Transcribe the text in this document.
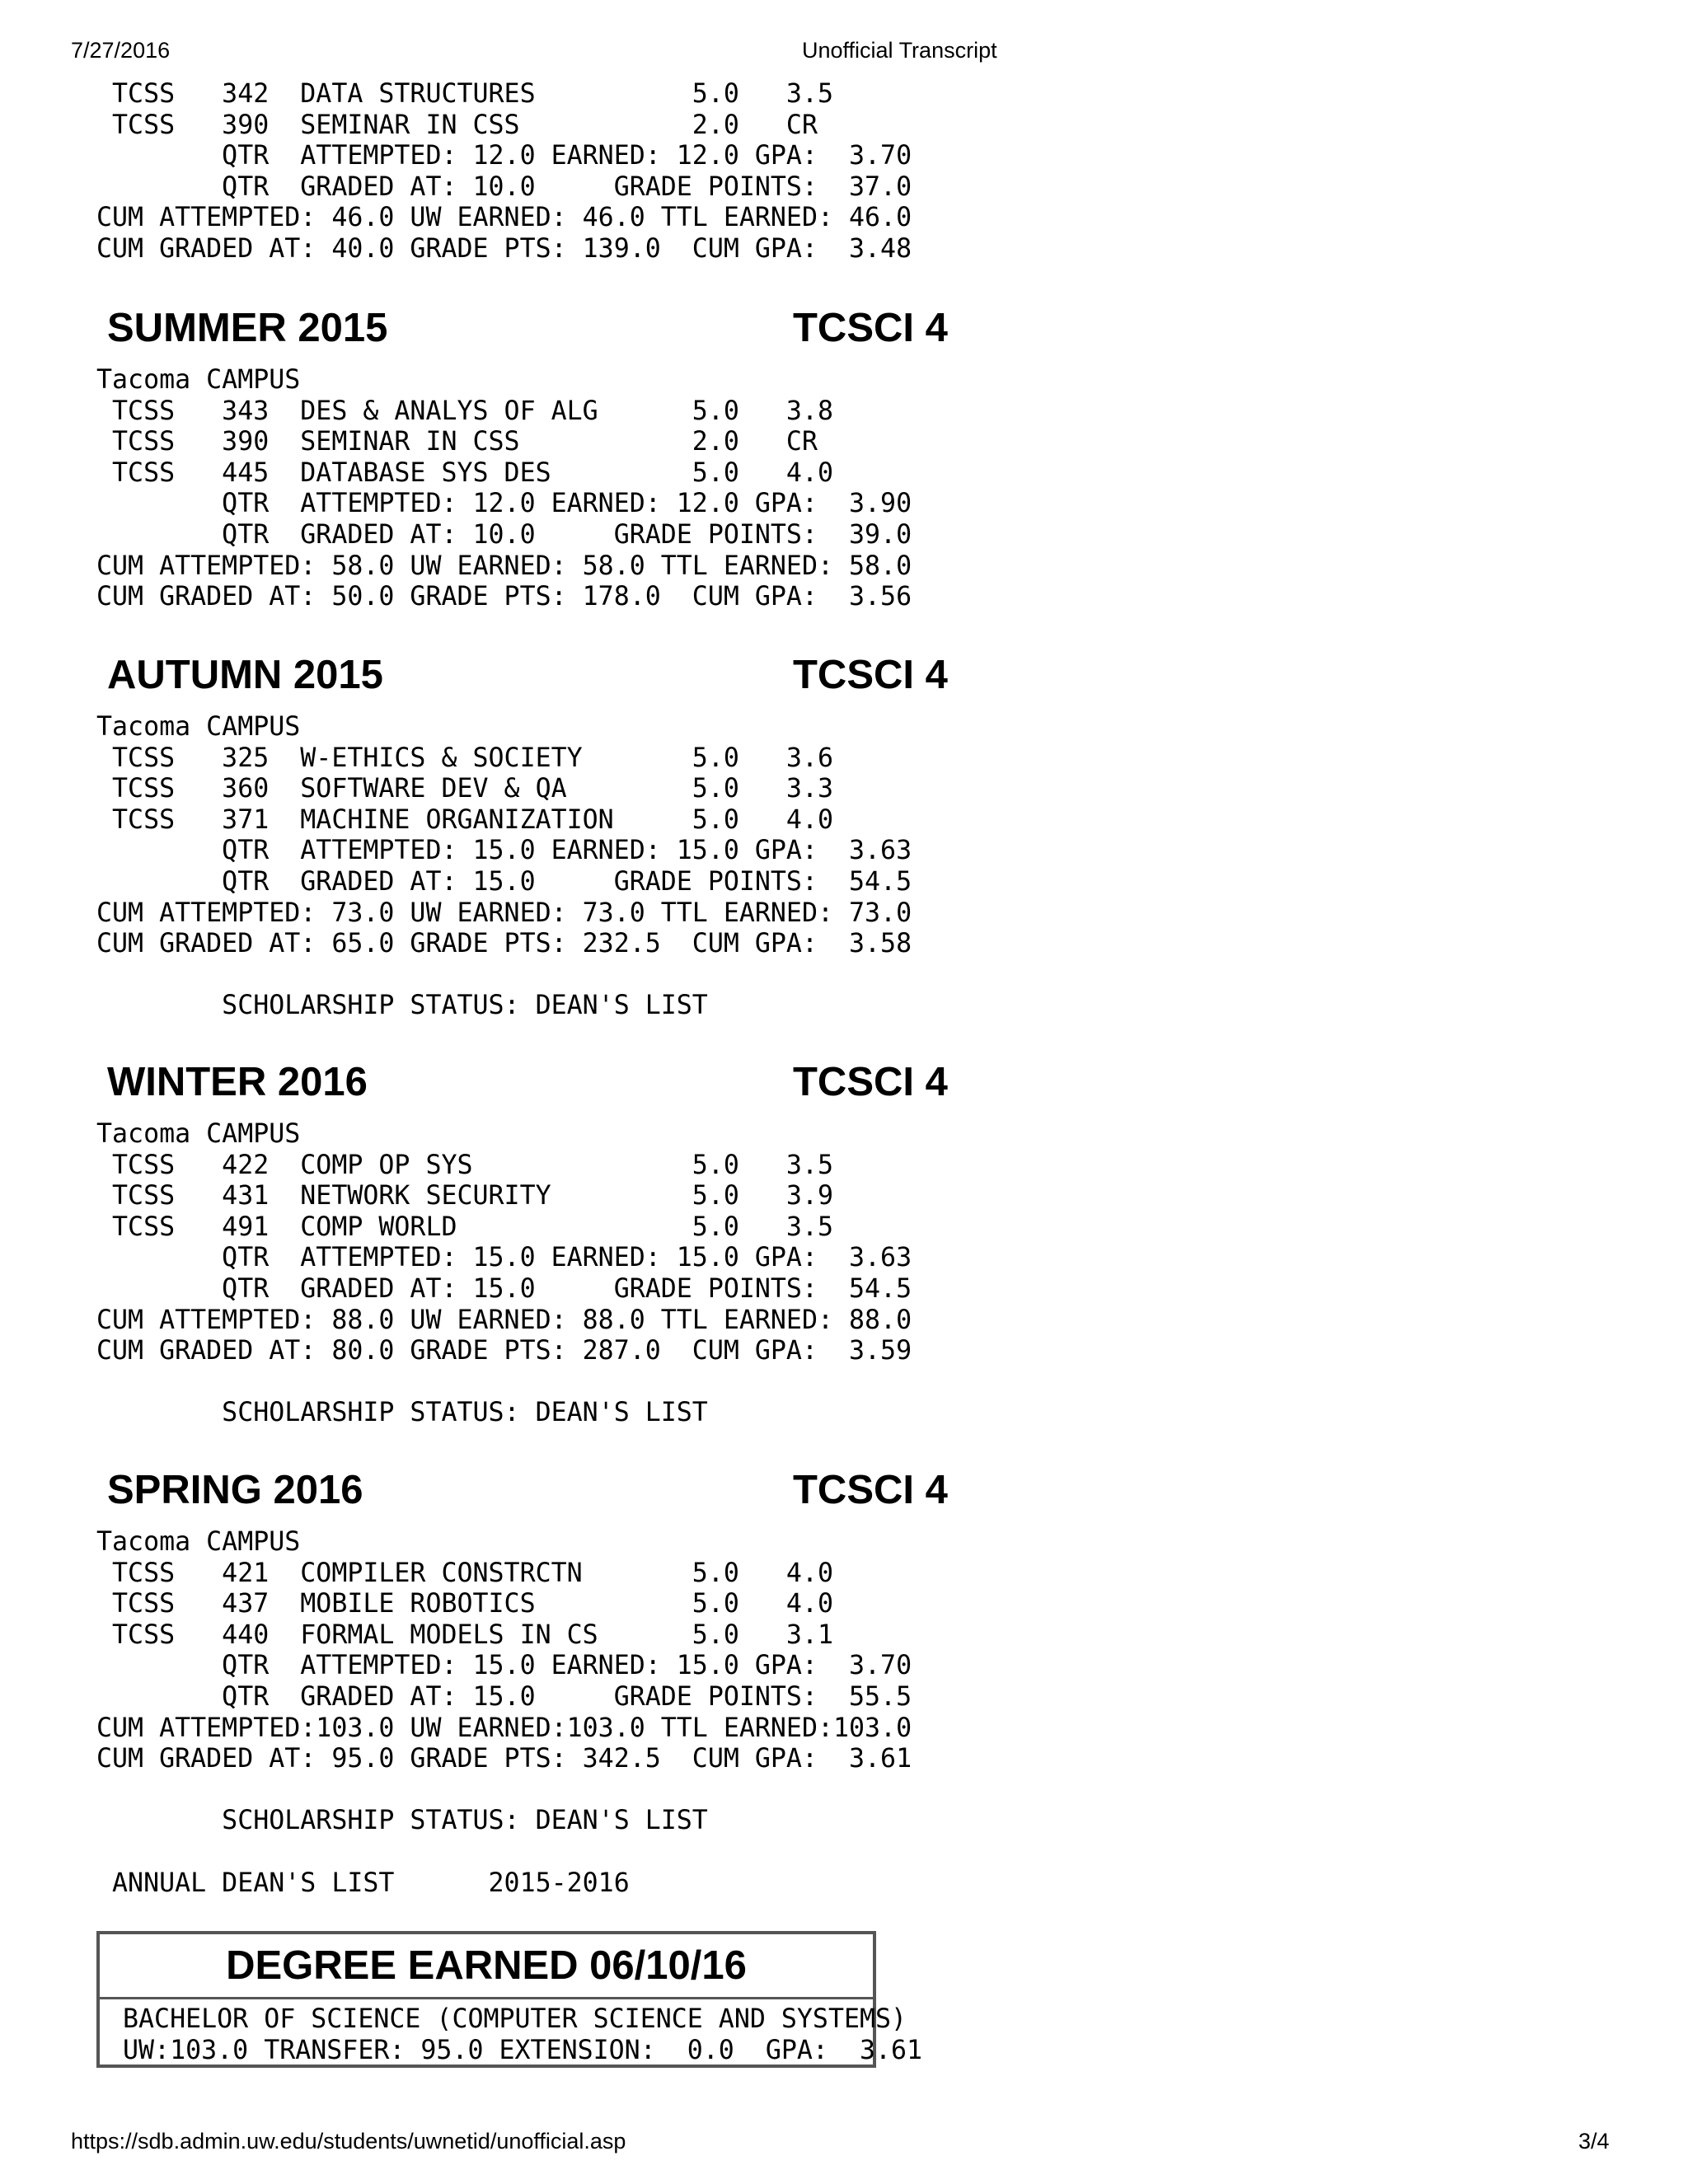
7/27/2016	Unofficial Transcript
TCSS   342  DATA STRUCTURES          5.0   3.5
TCSS   390  SEMINAR IN CSS           2.0   CR
QTR  ATTEMPTED: 12.0 EARNED: 12.0 GPA:  3.70
QTR  GRADED AT: 10.0     GRADE POINTS:  37.0
CUM ATTEMPTED: 46.0 UW EARNED: 46.0 TTL EARNED: 46.0
CUM GRADED AT: 40.0 GRADE PTS: 139.0  CUM GPA:  3.48
SUMMER 2015	TCSCI 4
Tacoma CAMPUS
TCSS   343  DES & ANALYS OF ALG      5.0   3.8
TCSS   390  SEMINAR IN CSS           2.0   CR
TCSS   445  DATABASE SYS DES         5.0   4.0
QTR  ATTEMPTED: 12.0 EARNED: 12.0 GPA:  3.90
QTR  GRADED AT: 10.0     GRADE POINTS:  39.0
CUM ATTEMPTED: 58.0 UW EARNED: 58.0 TTL EARNED: 58.0
CUM GRADED AT: 50.0 GRADE PTS: 178.0  CUM GPA:  3.56
AUTUMN 2015	TCSCI 4
Tacoma CAMPUS
TCSS   325  W-ETHICS & SOCIETY       5.0   3.6
TCSS   360  SOFTWARE DEV & QA        5.0   3.3
TCSS   371  MACHINE ORGANIZATION     5.0   4.0
QTR  ATTEMPTED: 15.0 EARNED: 15.0 GPA:  3.63
QTR  GRADED AT: 15.0     GRADE POINTS:  54.5
CUM ATTEMPTED: 73.0 UW EARNED: 73.0 TTL EARNED: 73.0
CUM GRADED AT: 65.0 GRADE PTS: 232.5  CUM GPA:  3.58

SCHOLARSHIP STATUS: DEAN'S LIST
WINTER 2016	TCSCI 4
Tacoma CAMPUS
TCSS   422  COMP OP SYS              5.0   3.5
TCSS   431  NETWORK SECURITY         5.0   3.9
TCSS   491  COMP WORLD               5.0   3.5
QTR  ATTEMPTED: 15.0 EARNED: 15.0 GPA:  3.63
QTR  GRADED AT: 15.0     GRADE POINTS:  54.5
CUM ATTEMPTED: 88.0 UW EARNED: 88.0 TTL EARNED: 88.0
CUM GRADED AT: 80.0 GRADE PTS: 287.0  CUM GPA:  3.59

SCHOLARSHIP STATUS: DEAN'S LIST
SPRING 2016	TCSCI 4
Tacoma CAMPUS
TCSS   421  COMPILER CONSTRCTN       5.0   4.0
TCSS   437  MOBILE ROBOTICS          5.0   4.0
TCSS   440  FORMAL MODELS IN CS      5.0   3.1
QTR  ATTEMPTED: 15.0 EARNED: 15.0 GPA:  3.70
QTR  GRADED AT: 15.0     GRADE POINTS:  55.5
CUM ATTEMPTED:103.0 UW EARNED:103.0 TTL EARNED:103.0
CUM GRADED AT: 95.0 GRADE PTS: 342.5  CUM GPA:  3.61

SCHOLARSHIP STATUS: DEAN'S LIST

ANNUAL DEAN'S LIST      2015-2016
DEGREE EARNED 06/10/16
BACHELOR OF SCIENCE (COMPUTER SCIENCE AND SYSTEMS)
UW:103.0 TRANSFER: 95.0 EXTENSION:  0.0  GPA:  3.61
https://sdb.admin.uw.edu/students/uwnetid/unofficial.asp	3/4
